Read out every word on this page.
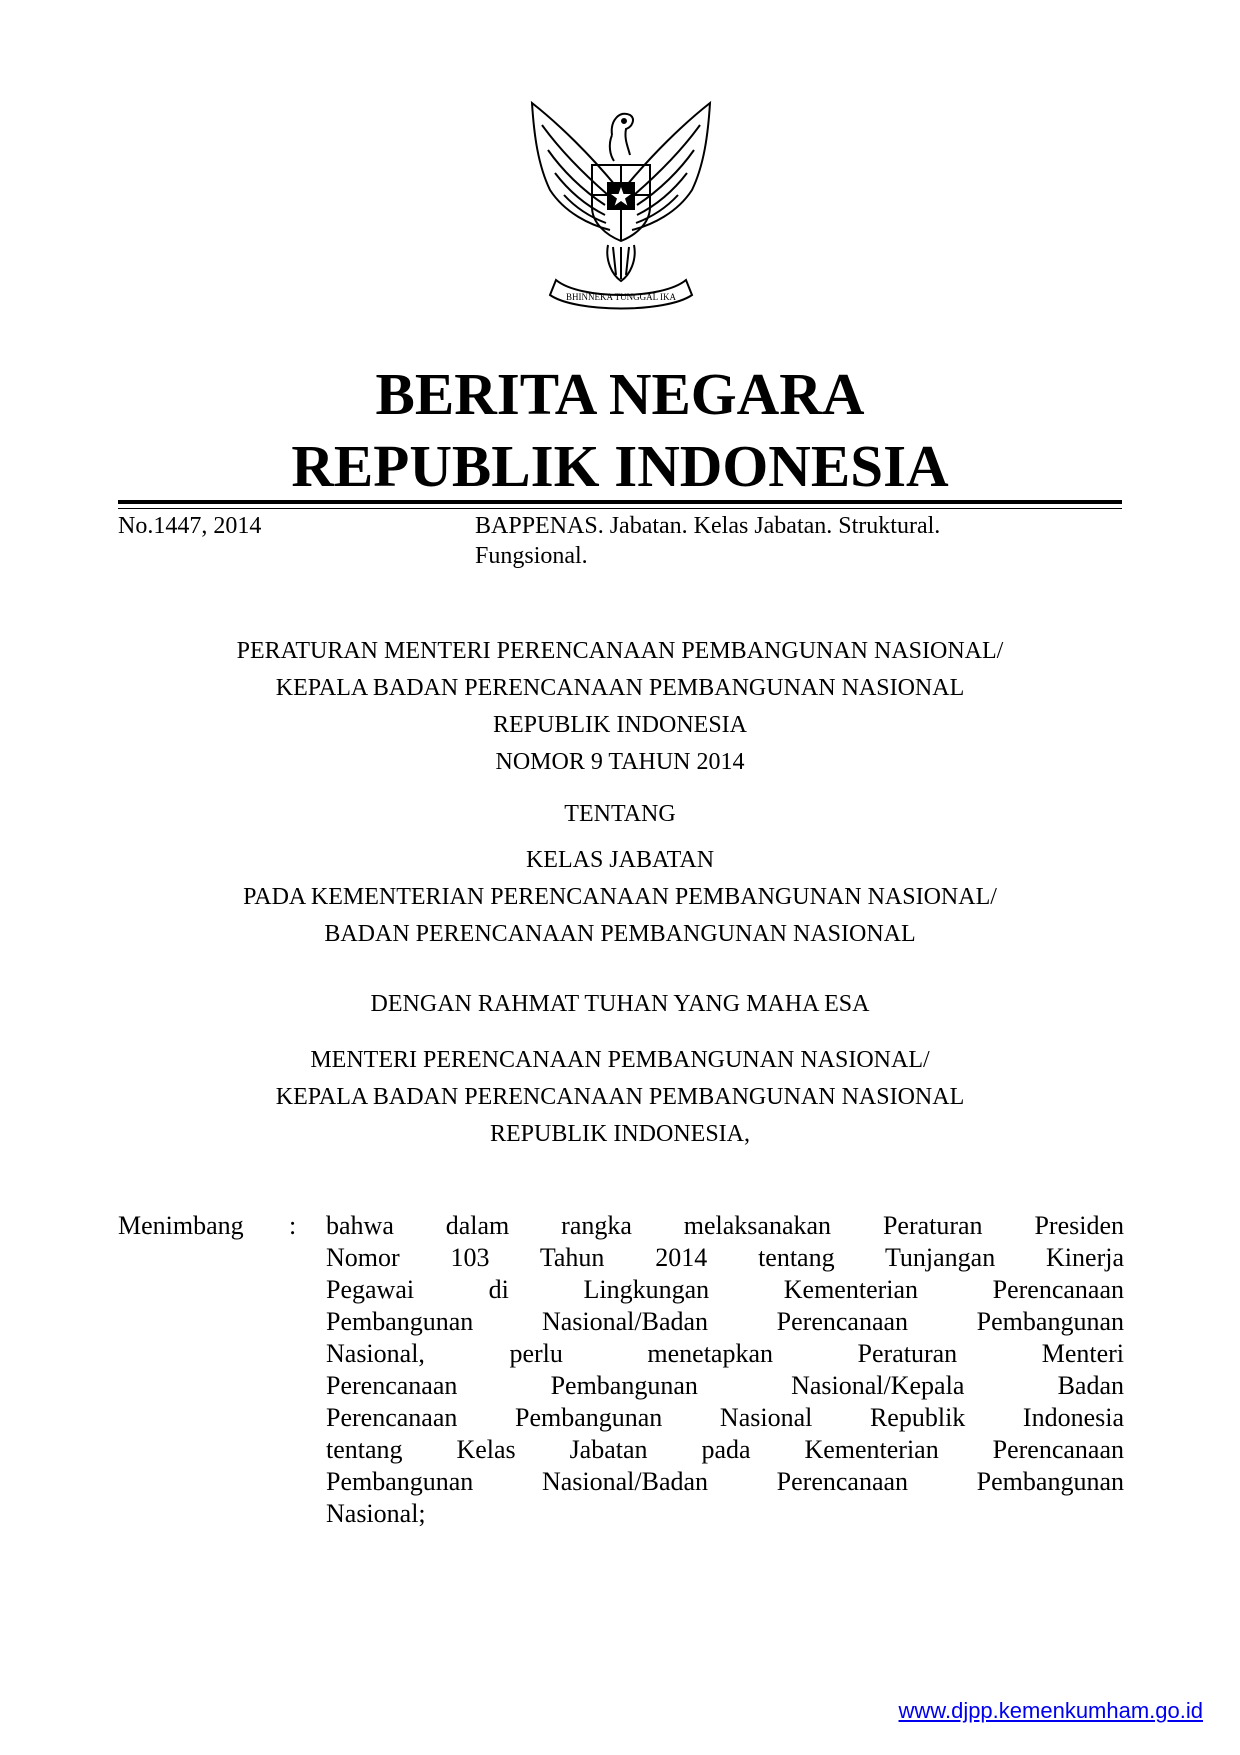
BHINNEKA TUNGGAL IKA
BERITA NEGARA
REPUBLIK INDONESIA
No.1447, 2014	BAPPENAS. Jabatan. Kelas Jabatan. Struktural.
Fungsional.
PERATURAN MENTERI PERENCANAAN PEMBANGUNAN NASIONAL/
KEPALA BADAN PERENCANAAN PEMBANGUNAN NASIONAL
REPUBLIK INDONESIA
NOMOR 9 TAHUN 2014
TENTANG
KELAS JABATAN
PADA KEMENTERIAN PERENCANAAN PEMBANGUNAN NASIONAL/
BADAN PERENCANAAN PEMBANGUNAN NASIONAL
DENGAN RAHMAT TUHAN YANG MAHA ESA
MENTERI PERENCANAAN PEMBANGUNAN NASIONAL/
KEPALA BADAN PERENCANAAN PEMBANGUNAN NASIONAL
REPUBLIK INDONESIA,
Menimbang : bahwa dalam rangka melaksanakan Peraturan Presiden
Nomor 103 Tahun 2014 tentang Tunjangan Kinerja
Pegawai di Lingkungan Kementerian Perencanaan
Pembangunan Nasional/Badan Perencanaan Pembangunan
Nasional, perlu menetapkan Peraturan Menteri
Perencanaan Pembangunan Nasional/Kepala Badan
Perencanaan Pembangunan Nasional Republik Indonesia
tentang Kelas Jabatan pada Kementerian Perencanaan
Pembangunan Nasional/Badan Perencanaan Pembangunan
Nasional;
www.djpp.kemenkumham.go.id
